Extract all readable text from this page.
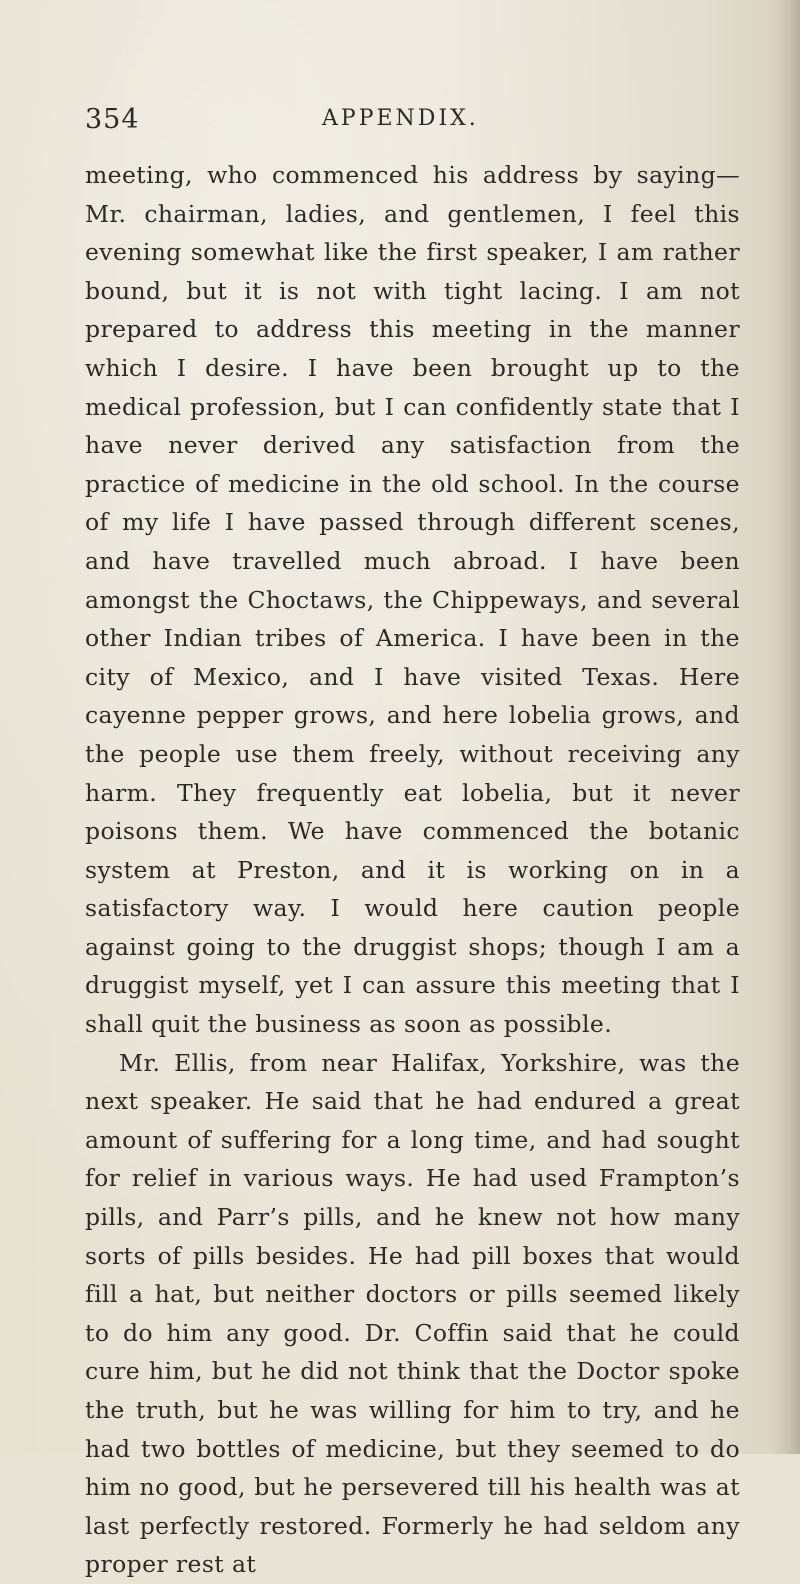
354	APPENDIX.

meeting, who commenced his address by saying—Mr. chairman, ladies, and gentlemen, I feel this evening somewhat like the first speaker, I am rather bound, but it is not with tight lacing. I am not prepared to address this meeting in the manner which I desire. I have been brought up to the medical profession, but I can confidently state that I have never derived any satisfaction from the practice of medicine in the old school. In the course of my life I have passed through different scenes, and have travelled much abroad. I have been amongst the Choctaws, the Chippeways, and several other Indian tribes of America. I have been in the city of Mexico, and I have visited Texas. Here cayenne pepper grows, and here lobelia grows, and the people use them freely, without receiving any harm. They frequently eat lobelia, but it never poisons them. We have commenced the botanic system at Preston, and it is working on in a satisfactory way. I would here caution people against going to the druggist shops; though I am a druggist myself, yet I can assure this meeting that I shall quit the business as soon as possible.

Mr. Ellis, from near Halifax, Yorkshire, was the next speaker. He said that he had endured a great amount of suffering for a long time, and had sought for relief in various ways. He had used Frampton’s pills, and Parr’s pills, and he knew not how many sorts of pills besides. He had pill boxes that would fill a hat, but neither doctors or pills seemed likely to do him any good. Dr. Coffin said that he could cure him, but he did not think that the Doctor spoke the truth, but he was willing for him to try, and he had two bottles of medicine, but they seemed to do him no good, but he persevered till his health was at last perfectly restored. Formerly he had seldom any proper rest at
